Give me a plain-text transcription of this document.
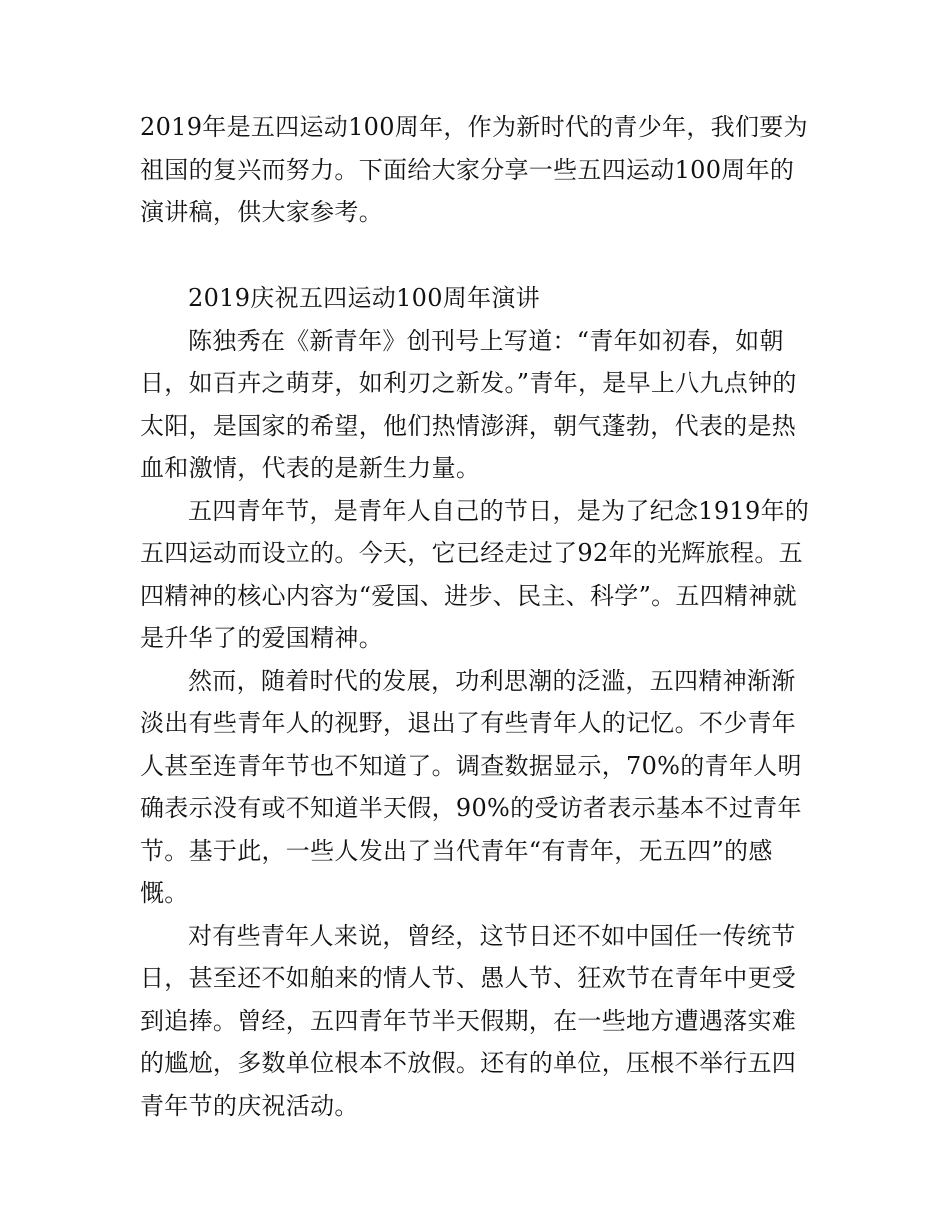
2019年是五四运动100周年，作为新时代的青少年，我们要为祖国的复兴而努力。下面给大家分享一些五四运动100周年的演讲稿，供大家参考。

2019庆祝五四运动100周年演讲

陈独秀在《新青年》创刊号上写道：“青年如初春，如朝日，如百卉之萌芽，如利刃之新发。”青年，是早上八九点钟的太阳，是国家的希望，他们热情澎湃，朝气蓬勃，代表的是热血和激情，代表的是新生力量。

五四青年节，是青年人自己的节日，是为了纪念1919年的五四运动而设立的。今天，它已经走过了92年的光辉旅程。五四精神的核心内容为“爱国、进步、民主、科学”。五四精神就是升华了的爱国精神。

然而，随着时代的发展，功利思潮的泛滥，五四精神渐渐淡出有些青年人的视野，退出了有些青年人的记忆。不少青年人甚至连青年节也不知道了。调查数据显示，70%的青年人明确表示没有或不知道半天假，90%的受访者表示基本不过青年节。基于此，一些人发出了当代青年“有青年，无五四”的感慨。

对有些青年人来说，曾经，这节日还不如中国任一传统节日，甚至还不如舶来的情人节、愚人节、狂欢节在青年中更受到追捧。曾经，五四青年节半天假期，在一些地方遭遇落实难的尴尬，多数单位根本不放假。还有的单位，压根不举行五四青年节的庆祝活动。
